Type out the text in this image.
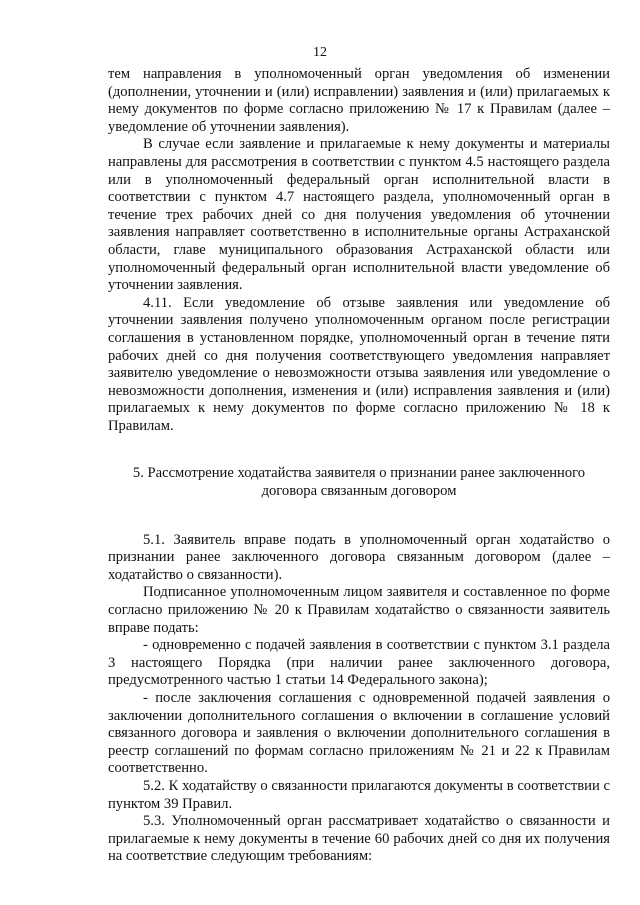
12

тем направления в уполномоченный орган уведомления об изменении (дополнении, уточнении и (или) исправлении) заявления и (или) прилагаемых к нему документов по форме согласно приложению № 17 к Правилам (далее – уведомление об уточнении заявления).

В случае если заявление и прилагаемые к нему документы и материалы направлены для рассмотрения в соответствии с пунктом 4.5 настоящего раздела или в уполномоченный федеральный орган исполнительной власти в соответствии с пунктом 4.7 настоящего раздела, уполномоченный орган в течение трех рабочих дней со дня получения уведомления об уточнении заявления направляет соответственно в исполнительные органы Астраханской области, главе муниципального образования Астраханской области или уполномоченный федеральный орган исполнительной власти уведомление об уточнении заявления.

4.11. Если уведомление об отзыве заявления или уведомление об уточнении заявления получено уполномоченным органом после регистрации соглашения в установленном порядке, уполномоченный орган в течение пяти рабочих дней со дня получения соответствующего уведомления направляет заявителю уведомление о невозможности отзыва заявления или уведомление о невозможности дополнения, изменения и (или) исправления заявления и (или) прилагаемых к нему документов по форме согласно приложению № 18 к Правилам.

5. Рассмотрение ходатайства заявителя о признании ранее заключенного договора связанным договором

5.1. Заявитель вправе подать в уполномоченный орган ходатайство о признании ранее заключенного договора связанным договором (далее – ходатайство о связанности).

Подписанное уполномоченным лицом заявителя и составленное по форме согласно приложению № 20 к Правилам ходатайство о связанности заявитель вправе подать:

- одновременно с подачей заявления в соответствии с пунктом 3.1 раздела 3 настоящего Порядка (при наличии ранее заключенного договора, предусмотренного частью 1 статьи 14 Федерального закона);

- после заключения соглашения с одновременной подачей заявления о заключении дополнительного соглашения о включении в соглашение условий связанного договора и заявления о включении дополнительного соглашения в реестр соглашений по формам согласно приложениям № 21 и 22 к Правилам соответственно.

5.2. К ходатайству о связанности прилагаются документы в соответствии с пунктом 39 Правил.

5.3. Уполномоченный орган рассматривает ходатайство о связанности и прилагаемые к нему документы в течение 60 рабочих дней со дня их получения на соответствие следующим требованиям:
